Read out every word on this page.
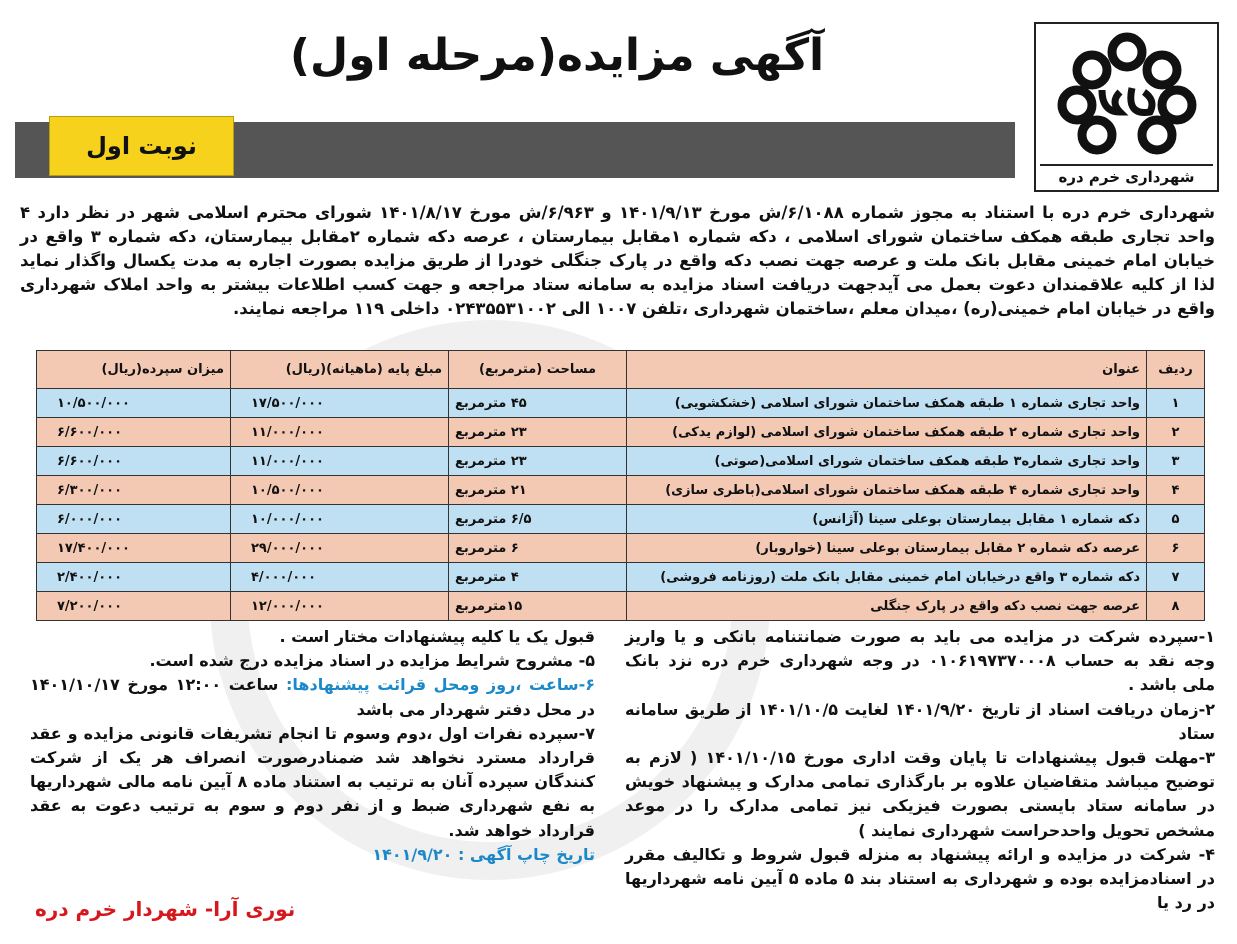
شهرداری خرم دره
آگهی مزایده(مرحله اول)
نوبت اول
شهرداری خرم دره با استناد به مجوز شماره ۶/۱۰۸۸/ش مورخ ۱۴۰۱/۹/۱۳ و ۶/۹۶۳/ش مورخ ۱۴۰۱/۸/۱۷ شورای محترم اسلامی شهر در نظر دارد ۴ واحد تجاری طبقه همکف ساختمان شورای اسلامی ، دکه شماره ۱مقابل بیمارستان ، عرصه دکه شماره ۲مقابل بیمارستان، دکه شماره ۳ واقع در خیابان امام خمینی مقابل بانک ملت و عرصه جهت نصب دکه واقع در پارک جنگلی خودرا از طریق مزایده بصورت اجاره به مدت یکسال واگذار نماید لذا از کلیه علاقمندان دعوت بعمل می آیدجهت دریافت اسناد مزایده به سامانه ستاد مراجعه و جهت کسب اطلاعات بیشتر به واحد املاک شهرداری واقع در خیابان امام خمینی(ره) ،میدان معلم ،ساختمان شهرداری ،تلفن ۱۰۰۷ الی ۰۲۴۳۵۵۳۱۰۰۲ داخلی ۱۱۹ مراجعه نمایند.
ردیف	عنوان	مساحت (مترمربع)	مبلغ پایه (ماهیانه)(ریال)	میزان سپرده(ریال)
۱	واحد تجاری شماره ۱ طبقه همکف ساختمان شورای اسلامی (خشکشویی)	۴۵ مترمربع	۱۷/۵۰۰/۰۰۰	۱۰/۵۰۰/۰۰۰
۲	واحد تجاری شماره ۲ طبقه همکف ساختمان شورای اسلامی (لوازم یدکی)	۲۳ مترمربع	۱۱/۰۰۰/۰۰۰	۶/۶۰۰/۰۰۰
۳	واحد تجاری شماره۳ طبقه همکف ساختمان شورای اسلامی(صوتی)	۲۳ مترمربع	۱۱/۰۰۰/۰۰۰	۶/۶۰۰/۰۰۰
۴	واحد تجاری شماره ۴ طبقه همکف ساختمان شورای اسلامی(باطری سازی)	۲۱ مترمربع	۱۰/۵۰۰/۰۰۰	۶/۳۰۰/۰۰۰
۵	دکه شماره ۱ مقابل بیمارستان بوعلی سینا (آژانس)	۶/۵ مترمربع	۱۰/۰۰۰/۰۰۰	۶/۰۰۰/۰۰۰
۶	عرصه دکه شماره ۲ مقابل بیمارستان بوعلی سینا (خواروبار)	۶ مترمربع	۲۹/۰۰۰/۰۰۰	۱۷/۴۰۰/۰۰۰
۷	دکه شماره ۳ واقع درخیابان امام خمینی مقابل بانک ملت (روزنامه فروشی)	۴ مترمربع	۴/۰۰۰/۰۰۰	۲/۴۰۰/۰۰۰
۸	عرصه جهت نصب دکه واقع در پارک جنگلی	۱۵مترمربع	۱۲/۰۰۰/۰۰۰	۷/۲۰۰/۰۰۰

۱-سپرده شرکت در مزایده می باید به صورت ضمانتنامه بانکی و یا واریز وجه نقد به حساب ۰۱۰۶۱۹۷۳۷۰۰۰۸ در وجه شهرداری خرم دره نزد بانک ملی باشد .

۲-زمان دریافت اسناد از تاریخ ۱۴۰۱/۹/۲۰ لغایت ۱۴۰۱/۱۰/۵ از طریق سامانه ستاد

۳-مهلت قبول پیشنهادات تا پایان وقت اداری مورخ ۱۴۰۱/۱۰/۱۵ ( لازم به توضیح میباشد متقاضیان علاوه بر بارگذاری تمامی مدارک و پیشنهاد خویش در سامانه ستاد بایستی بصورت فیزیکی نیز تمامی مدارک را در موعد مشخص تحویل واحدحراست شهرداری نمایند )

۴- شرکت در مزایده و ارائه پیشنهاد به منزله قبول شروط و تکالیف مقرر در اسنادمزایده بوده و شهرداری به استناد بند ۵ ماده ۵ آیین نامه شهرداریها در رد یا

قبول یک یا کلیه پیشنهادات مختار است .

۵- مشروح شرایط مزایده در اسناد مزایده درج شده است.

۶-ساعت ،روز ومحل قرائت پیشنهادها: ساعت ۱۲:۰۰ مورخ ۱۴۰۱/۱۰/۱۷ در محل دفتر شهردار می باشد

۷-سپرده نفرات اول ،دوم وسوم تا انجام تشریفات قانونی مزایده و عقد قرارداد مسترد نخواهد شد ضمنادرصورت انصراف هر یک از شرکت کنندگان سپرده آنان به ترتیب به استناد ماده ۸ آیین نامه مالی شهرداریها به نفع شهرداری ضبط و از نفر دوم و سوم به ترتیب دعوت به عقد قرارداد خواهد شد.

تاریخ چاپ آگهی : ۱۴۰۱/۹/۲۰

نوری آرا- شهردار خرم دره
